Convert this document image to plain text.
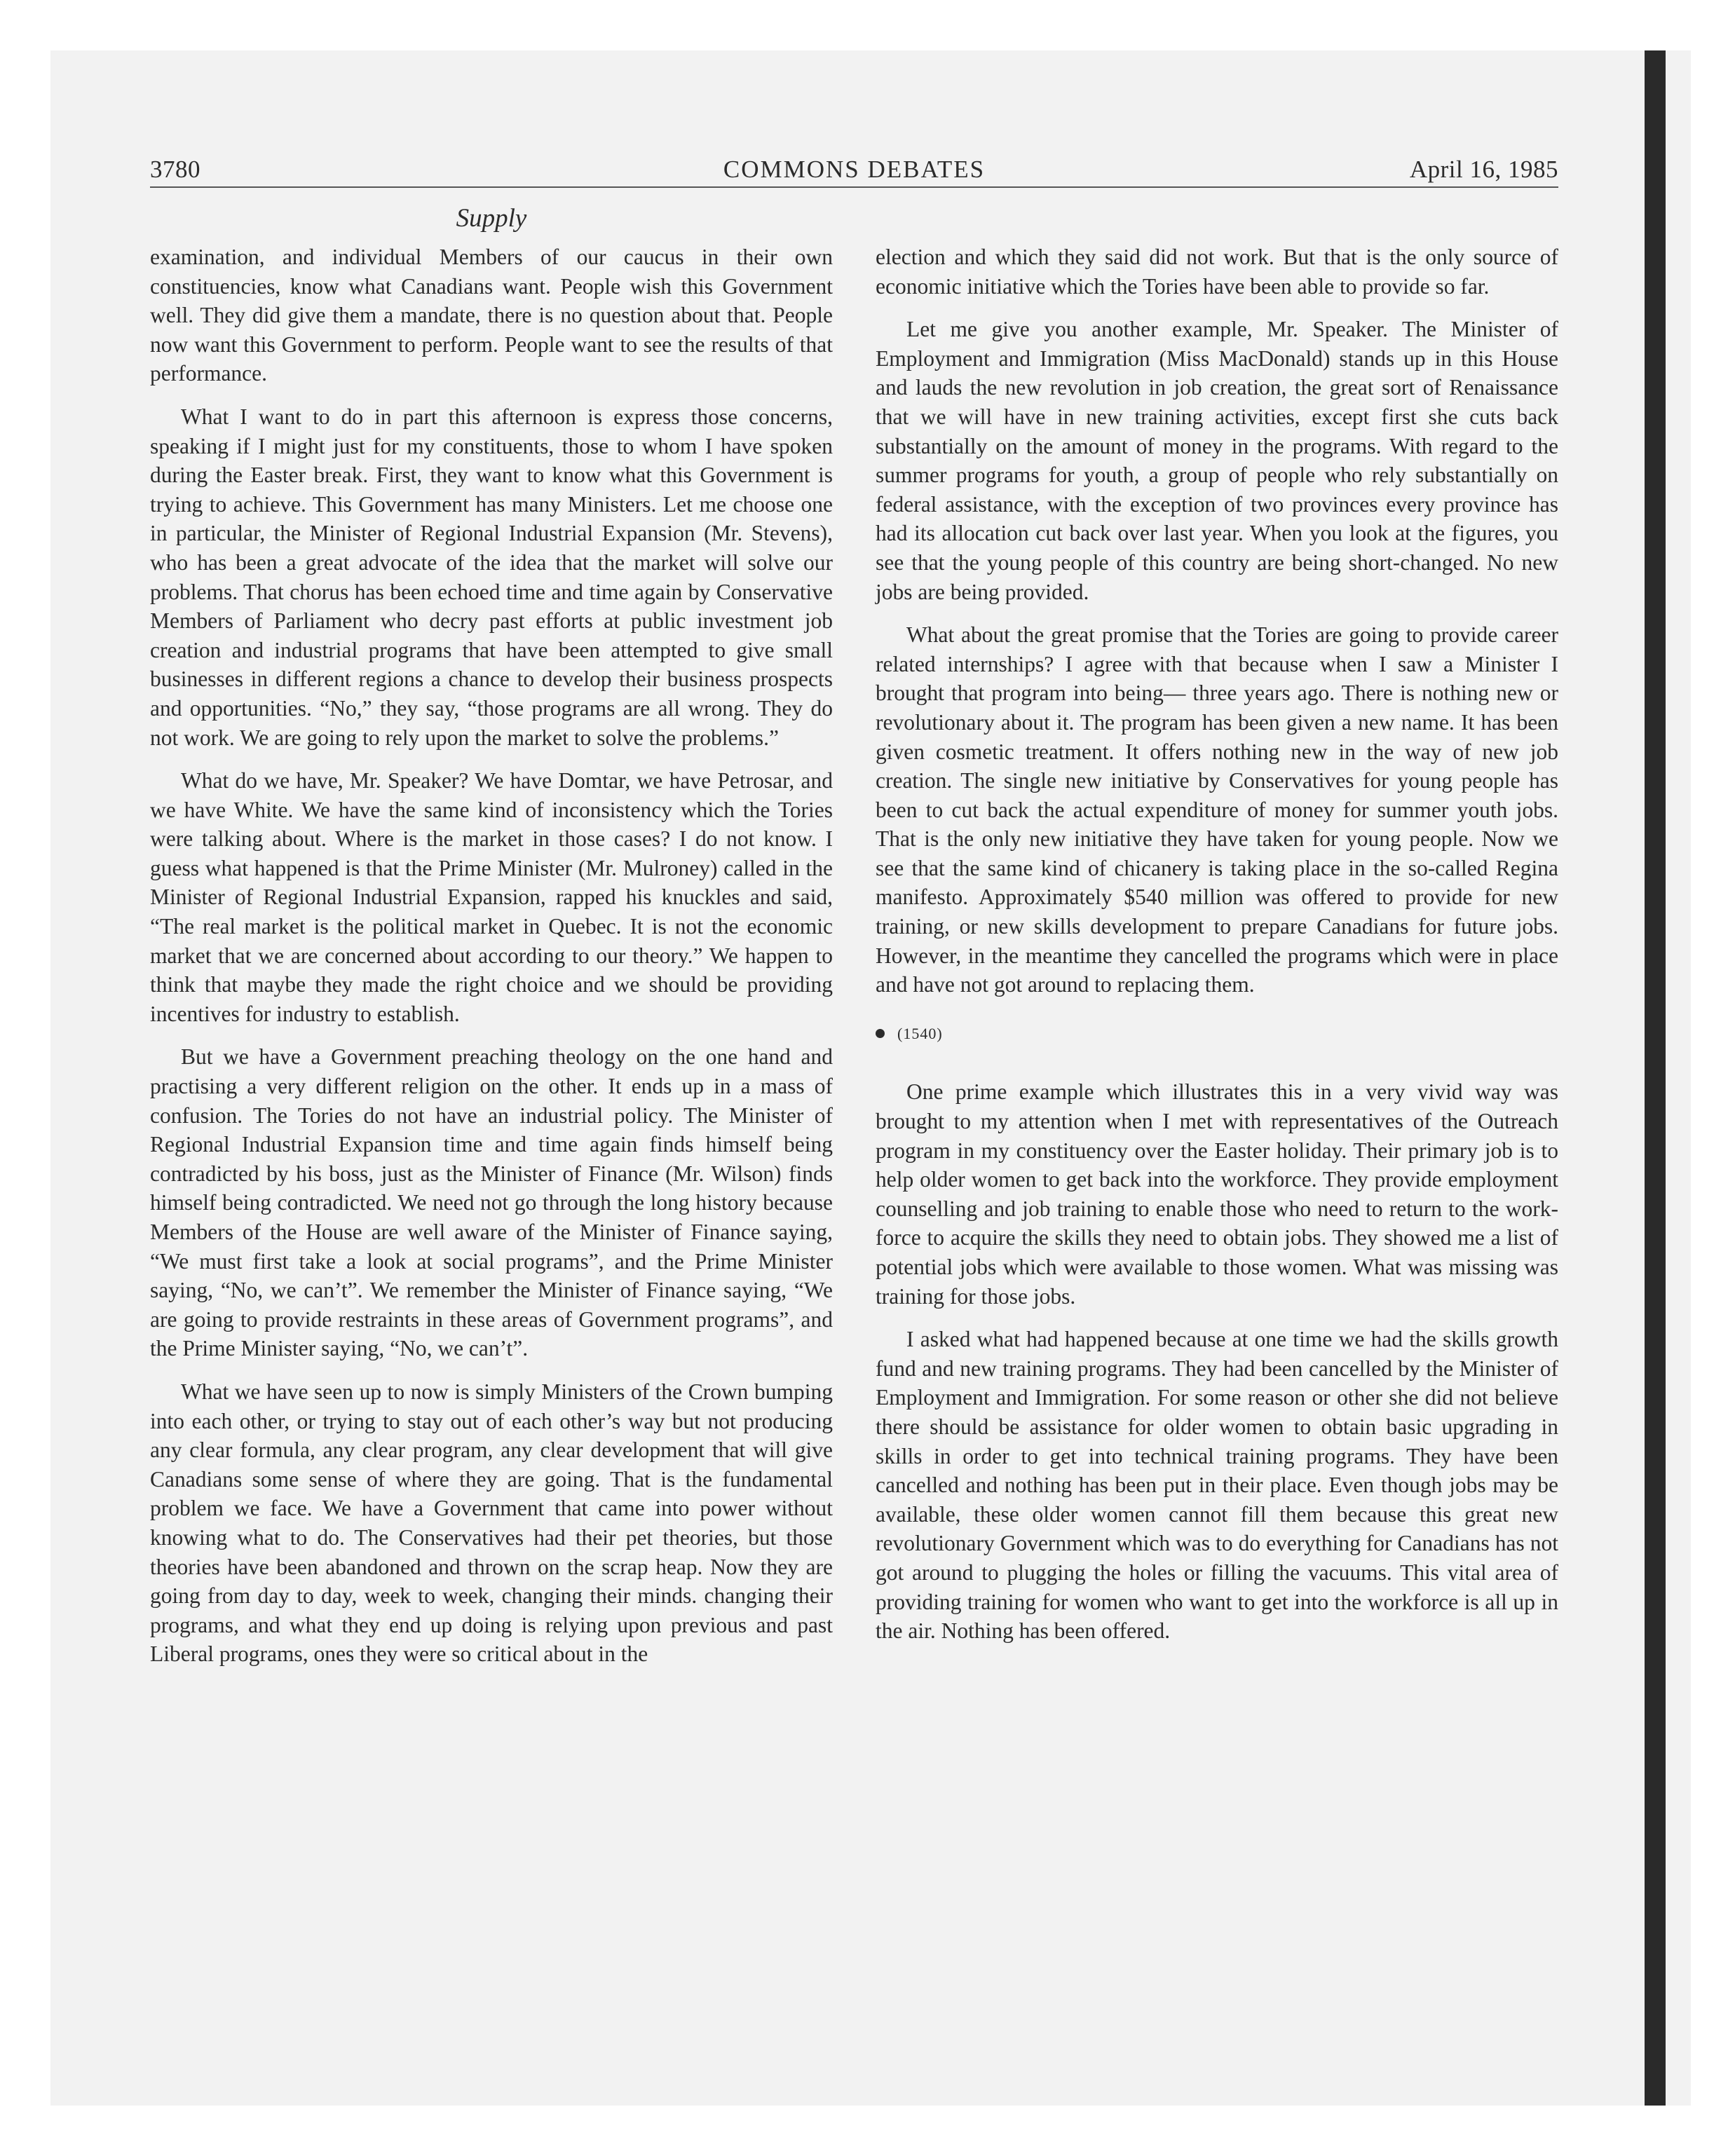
3780	COMMONS DEBATES	April 16, 1985
Supply

examination, and individual Members of our caucus in their own constituencies, know what Canadians want. People wish this Government well. They did give them a mandate, there is no question about that. People now want this Government to perform. People want to see the results of that performance.

What I want to do in part this afternoon is express those concerns, speaking if I might just for my constituents, those to whom I have spoken during the Easter break. First, they want to know what this Government is trying to achieve. This Government has many Ministers. Let me choose one in particular, the Minister of Regional Industrial Expansion (Mr. Stevens), who has been a great advocate of the idea that the market will solve our problems. That chorus has been echoed time and time again by Conservative Members of Parliament who decry past efforts at public investment job creation and industrial programs that have been attempted to give small businesses in different regions a chance to develop their business prospects and opportunities. “No,” they say, “those programs are all wrong. They do not work. We are going to rely upon the market to solve the problems.”

What do we have, Mr. Speaker? We have Domtar, we have Petrosar, and we have White. We have the same kind of inconsistency which the Tories were talking about. Where is the market in those cases? I do not know. I guess what happened is that the Prime Minister (Mr. Mulroney) called in the Minister of Regional Industrial Expansion, rapped his knuckles and said, “The real market is the political market in Quebec. It is not the economic market that we are concerned about according to our theory.” We happen to think that maybe they made the right choice and we should be providing incentives for industry to establish.

But we have a Government preaching theology on the one hand and practising a very different religion on the other. It ends up in a mass of confusion. The Tories do not have an industrial policy. The Minister of Regional Industrial Expansion time and time again finds himself being contradicted by his boss, just as the Minister of Finance (Mr. Wilson) finds himself being contradicted. We need not go through the long history because Members of the House are well aware of the Minister of Finance saying, “We must first take a look at social programs”, and the Prime Minister saying, “No, we can’t”. We remember the Minister of Finance saying, “We are going to provide restraints in these areas of Government programs”, and the Prime Minister saying, “No, we can’t”.

What we have seen up to now is simply Ministers of the Crown bumping into each other, or trying to stay out of each other’s way but not producing any clear formula, any clear program, any clear development that will give Canadians some sense of where they are going. That is the fundamental problem we face. We have a Government that came into power without knowing what to do. The Conservatives had their pet theories, but those theories have been abandoned and thrown on the scrap heap. Now they are going from day to day, week to week, changing their minds. changing their programs, and what they end up doing is relying upon previous and past Liberal programs, ones they were so critical about in the

election and which they said did not work. But that is the only source of economic initiative which the Tories have been able to provide so far.

Let me give you another example, Mr. Speaker. The Minister of Employment and Immigration (Miss MacDonald) stands up in this House and lauds the new revolution in job creation, the great sort of Renaissance that we will have in new training activities, except first she cuts back substantially on the amount of money in the programs. With regard to the summer programs for youth, a group of people who rely substantially on federal assistance, with the exception of two provinces every province has had its allocation cut back over last year. When you look at the figures, you see that the young people of this country are being short-changed. No new jobs are being provided.

What about the great promise that the Tories are going to provide career related internships? I agree with that because when I saw a Minister I brought that program into being— three years ago. There is nothing new or revolutionary about it. The program has been given a new name. It has been given cosmetic treatment. It offers nothing new in the way of new job creation. The single new initiative by Conservatives for young people has been to cut back the actual expenditure of money for summer youth jobs. That is the only new initiative they have taken for young people. Now we see that the same kind of chicanery is taking place in the so-called Regina manifesto. Approximately $540 million was offered to provide for new training, or new skills development to prepare Canadians for future jobs. However, in the meantime they cancelled the programs which were in place and have not got around to replacing them.

(1540)

One prime example which illustrates this in a very vivid way was brought to my attention when I met with representatives of the Outreach program in my constituency over the Easter holiday. Their primary job is to help older women to get back into the workforce. They provide employment counselling and job training to enable those who need to return to the workforce to acquire the skills they need to obtain jobs. They showed me a list of potential jobs which were available to those women. What was missing was training for those jobs.

I asked what had happened because at one time we had the skills growth fund and new training programs. They had been cancelled by the Minister of Employment and Immigration. For some reason or other she did not believe there should be assistance for older women to obtain basic upgrading in skills in order to get into technical training programs. They have been cancelled and nothing has been put in their place. Even though jobs may be available, these older women cannot fill them because this great new revolutionary Government which was to do everything for Canadians has not got around to plugging the holes or filling the vacuums. This vital area of providing training for women who want to get into the workforce is all up in the air. Nothing has been offered.
